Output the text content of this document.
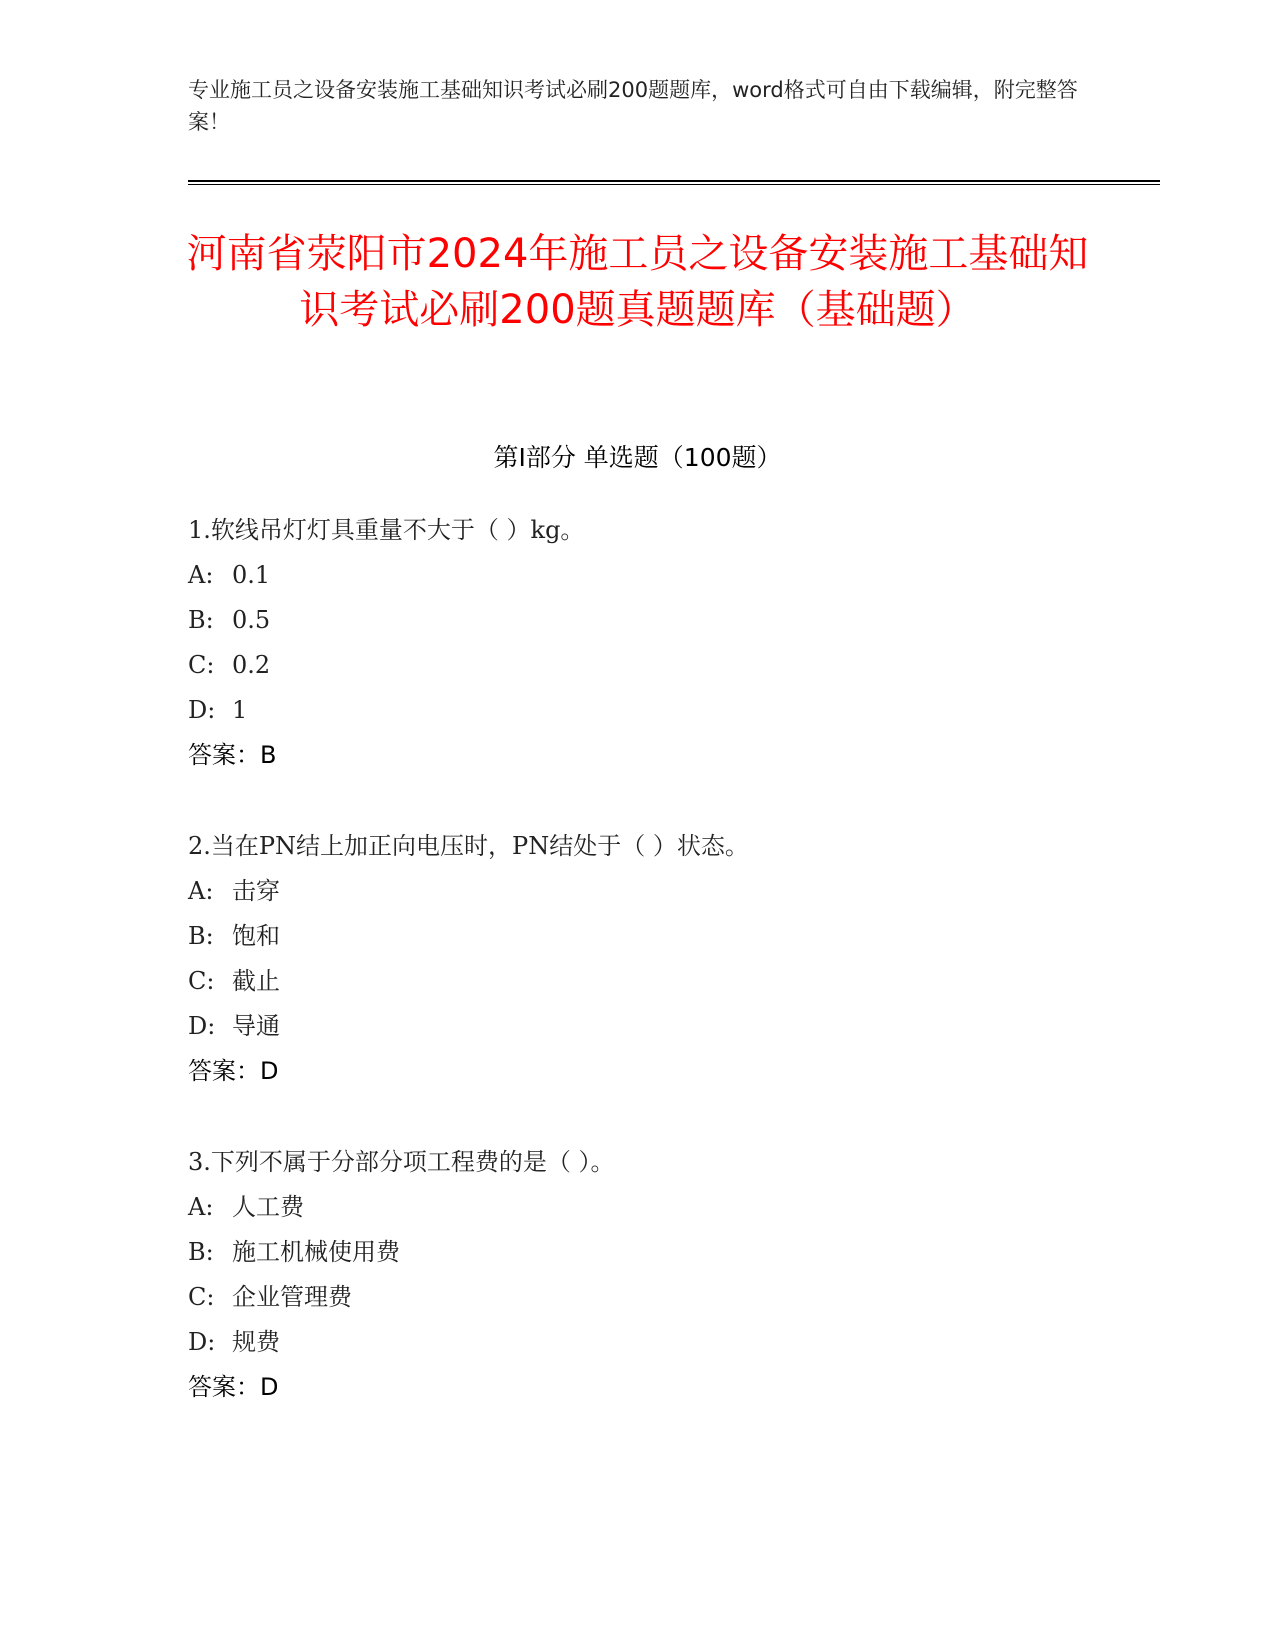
专业施工员之设备安装施工基础知识考试必刷200题题库，word格式可自由下载编辑，附完整答案！
河南省荥阳市2024年施工员之设备安装施工基础知识考试必刷200题真题题库（基础题）
第I部分 单选题（100题）
1.软线吊灯灯具重量不大于（ ）kg。
A: 0.1
B: 0.5
C: 0.2
D: 1
答案：B
2.当在PN结上加正向电压时，PN结处于（ ）状态。
A: 击穿
B: 饱和
C: 截止
D: 导通
答案：D
3.下列不属于分部分项工程费的是（ ）。
A: 人工费
B: 施工机械使用费
C: 企业管理费
D: 规费
答案：D
